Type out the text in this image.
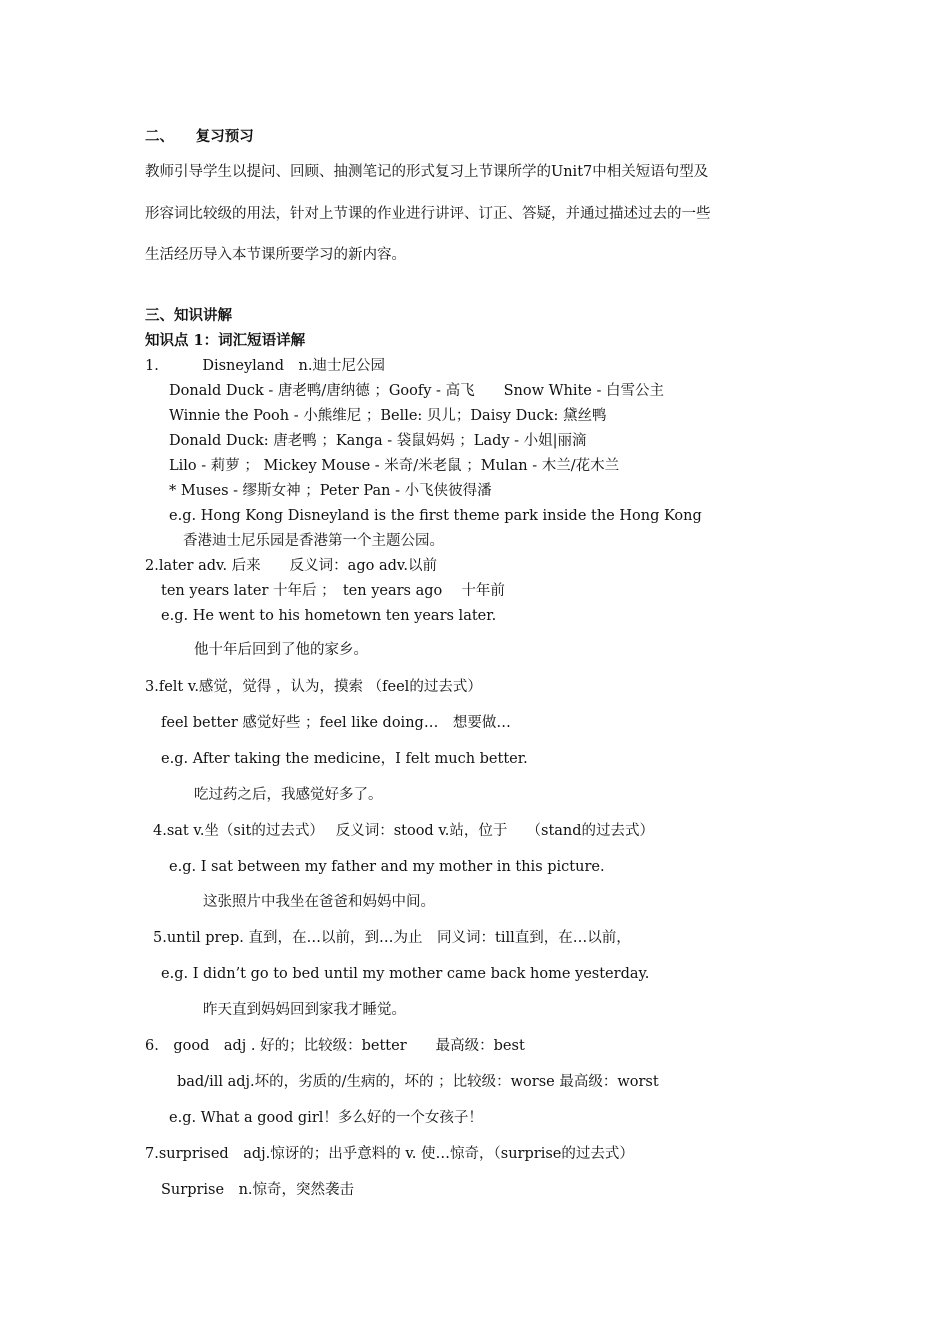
二、　　复习预习
教师引导学生以提问、回顾、抽测笔记的形式复习上节课所学的Unit7中相关短语句型及
形容词比较级的用法，针对上节课的作业进行讲评、订正、答疑，并通过描述过去的一些
生活经历导入本节课所要学习的新内容。
三、知识讲解
知识点 1：词汇短语详解
1.　　　Disneyland　n.迪士尼公园
Donald Duck - 唐老鸭/唐纳德 ；Goofy - 高飞　　Snow White - 白雪公主
Winnie the Pooh - 小熊维尼 ；Belle: 贝儿；Daisy Duck: 黛丝鸭
Donald Duck: 唐老鸭 ；Kanga - 袋鼠妈妈 ；Lady - 小姐|丽滴
Lilo - 莉萝 ； Mickey Mouse - 米奇/米老鼠 ；Mulan - 木兰/花木兰
* Muses - 缪斯女神 ；Peter Pan - 小飞侠彼得潘
e.g. Hong Kong Disneyland is the first theme park inside the Hong Kong
香港迪士尼乐园是香港第一个主题公园。
2.later adv. 后来　　反义词：ago adv.以前
ten years later 十年后 ；　ten years ago　 十年前
e.g. He went to his hometown ten years later.
他十年后回到了他的家乡。
3.felt v.感觉，觉得 ，认为，摸索 （feel的过去式）
feel better 感觉好些 ；feel like doing…　想要做…
e.g. After taking the medicine，I felt much better.
吃过药之后，我感觉好多了。
4.sat v.坐（sit的过去式）　 反义词：stood v.站，位于　 （stand的过去式）
e.g. I sat between my father and my mother in this picture.
这张照片中我坐在爸爸和妈妈中间。
5.until prep. 直到，在…以前，到…为止　同义词：till直到，在…以前，
e.g. I didn’t go to bed until my mother came back home yesterday.
昨天直到妈妈回到家我才睡觉。
6.　good　adj . 好的；比较级：better　　最高级：best
bad/ill adj.坏的，劣质的/生病的，坏的 ；比较级：worse 最高级：worst
e.g. What a good girl！多么好的一个女孩子！
7.surprised　adj.惊讶的；出乎意料的 v. 使…惊奇，（surprise的过去式）
Surprise　n.惊奇，突然袭击
